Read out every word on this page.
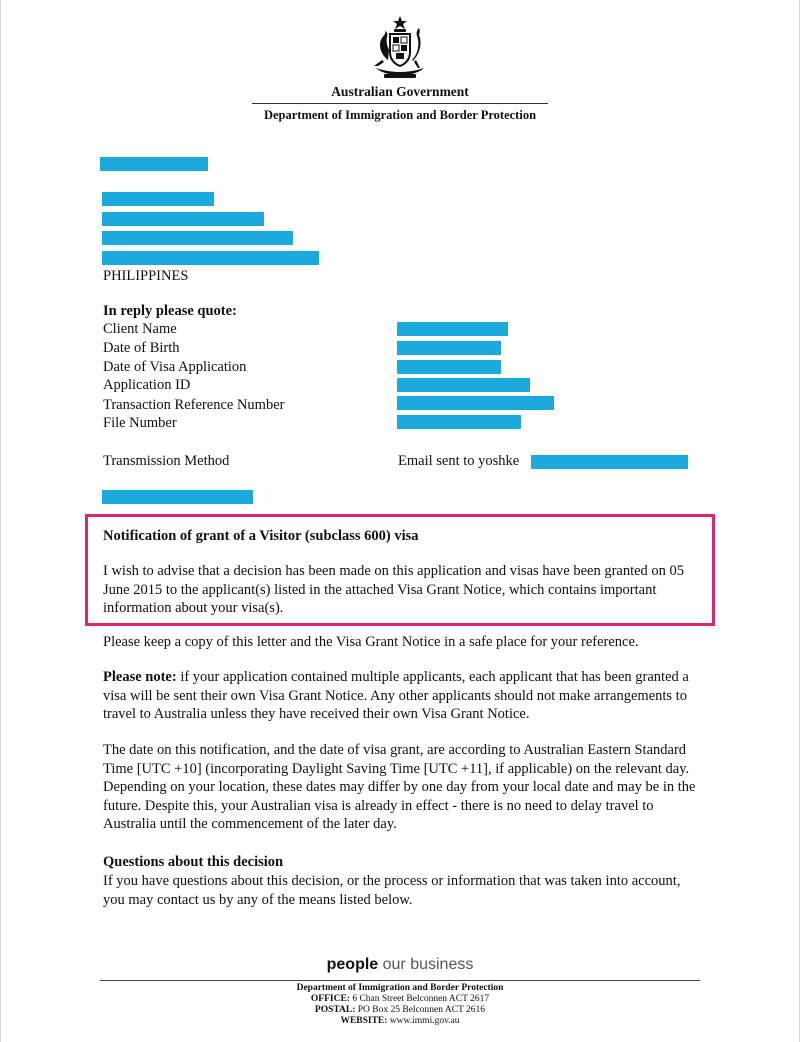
Australian Government
Department of Immigration and Border Protection
PHILIPPINES
In reply please quote:
Client Name
Date of Birth
Date of Visa Application
Application ID
Transaction Reference Number
File Number
Transmission Method	Email sent to yoshke
Notification of grant of a Visitor (subclass 600) visa
I wish to advise that a decision has been made on this application and visas have been granted on 05 June 2015 to the applicant(s) listed in the attached Visa Grant Notice, which contains important information about your visa(s).
Please keep a copy of this letter and the Visa Grant Notice in a safe place for your reference.
Please note: if your application contained multiple applicants, each applicant that has been granted a visa will be sent their own Visa Grant Notice. Any other applicants should not make arrangements to travel to Australia unless they have received their own Visa Grant Notice.
The date on this notification, and the date of visa grant, are according to Australian Eastern Standard Time [UTC +10] (incorporating Daylight Saving Time [UTC +11], if applicable) on the relevant day. Depending on your location, these dates may differ by one day from your local date and may be in the future. Despite this, your Australian visa is already in effect - there is no need to delay travel to Australia until the commencement of the later day.
Questions about this decision
If you have questions about this decision, or the process or information that was taken into account, you may contact us by any of the means listed below.
people our business
Department of Immigration and Border Protection
OFFICE: 6 Chan Street Belconnen ACT 2617
POSTAL: PO Box 25 Belconnen ACT 2616
WEBSITE: www.immi.gov.au
